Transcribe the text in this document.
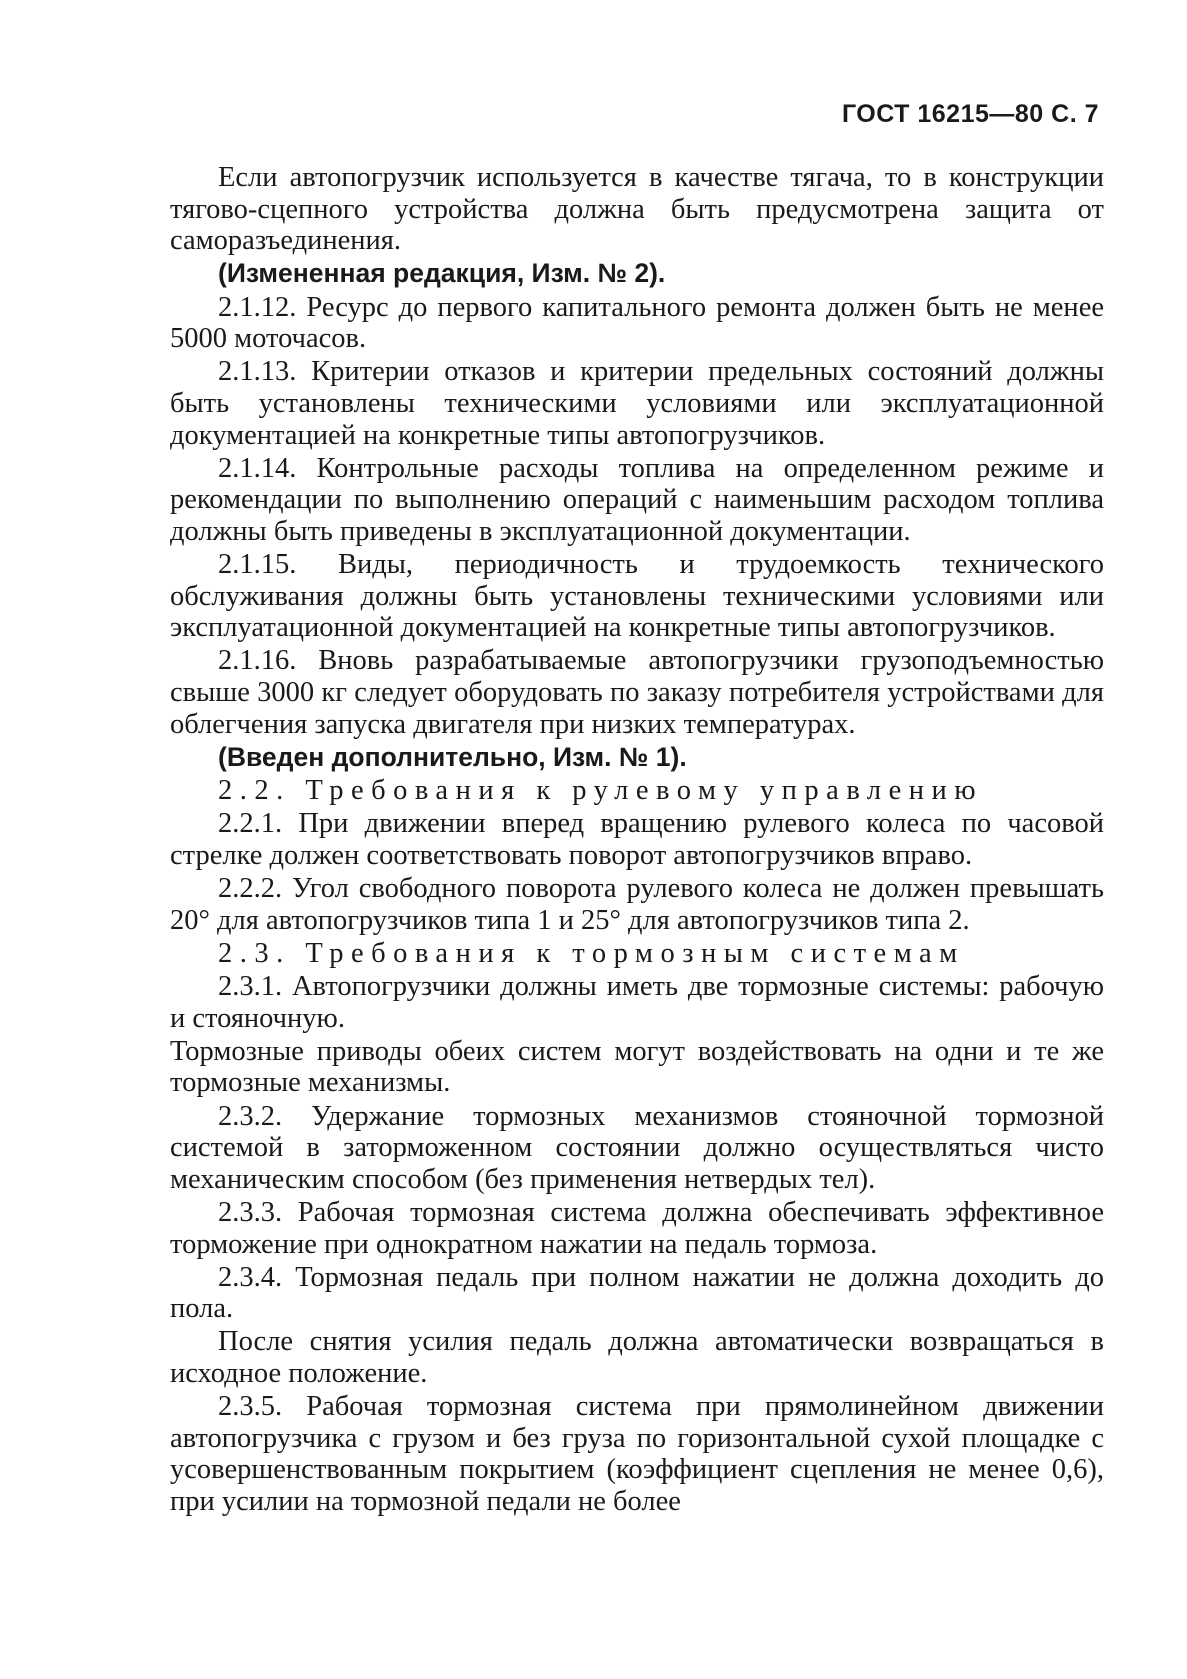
ГОСТ 16215—80 С. 7

Если автопогрузчик используется в качестве тягача, то в конструкции тягово-сцепного устройства должна быть предусмотрена защита от саморазъединения.

(Измененная редакция, Изм. № 2).

2.1.12. Ресурс до первого капитального ремонта должен быть не менее 5000 моточасов.

2.1.13. Критерии отказов и критерии предельных состояний должны быть установлены техническими условиями или эксплуатационной документацией на конкретные типы автопогрузчиков.

2.1.14. Контрольные расходы топлива на определенном режиме и рекомендации по выполнению операций с наименьшим расходом топлива должны быть приведены в эксплуатационной документации.

2.1.15. Виды, периодичность и трудоемкость технического обслуживания должны быть установлены техническими условиями или эксплуатационной документацией на конкретные типы автопогрузчиков.

2.1.16. Вновь разрабатываемые автопогрузчики грузоподъемностью свыше 3000 кг следует оборудовать по заказу потребителя устройствами для облегчения запуска двигателя при низких температурах.

(Введен дополнительно, Изм. № 1).

2.2. Требования к рулевому управлению

2.2.1. При движении вперед вращению рулевого колеса по часовой стрелке должен соответствовать поворот автопогрузчиков вправо.

2.2.2. Угол свободного поворота рулевого колеса не должен превышать 20° для автопогрузчиков типа 1 и 25° для автопогрузчиков типа 2.

2.3. Требования к тормозным системам

2.3.1. Автопогрузчики должны иметь две тормозные системы: рабочую и стояночную.

Тормозные приводы обеих систем могут воздействовать на одни и те же тормозные механизмы.

2.3.2. Удержание тормозных механизмов стояночной тормозной системой в заторможенном состоянии должно осуществляться чисто механическим способом (без применения нетвердых тел).

2.3.3. Рабочая тормозная система должна обеспечивать эффективное торможение при однократном нажатии на педаль тормоза.

2.3.4. Тормозная педаль при полном нажатии не должна доходить до пола.

После снятия усилия педаль должна автоматически возвращаться в исходное положение.

2.3.5. Рабочая тормозная система при прямолинейном движении автопогрузчика с грузом и без груза по горизонтальной сухой площадке с усовершенствованным покрытием (коэффициент сцепления не менее 0,6), при усилии на тормозной педали не более
